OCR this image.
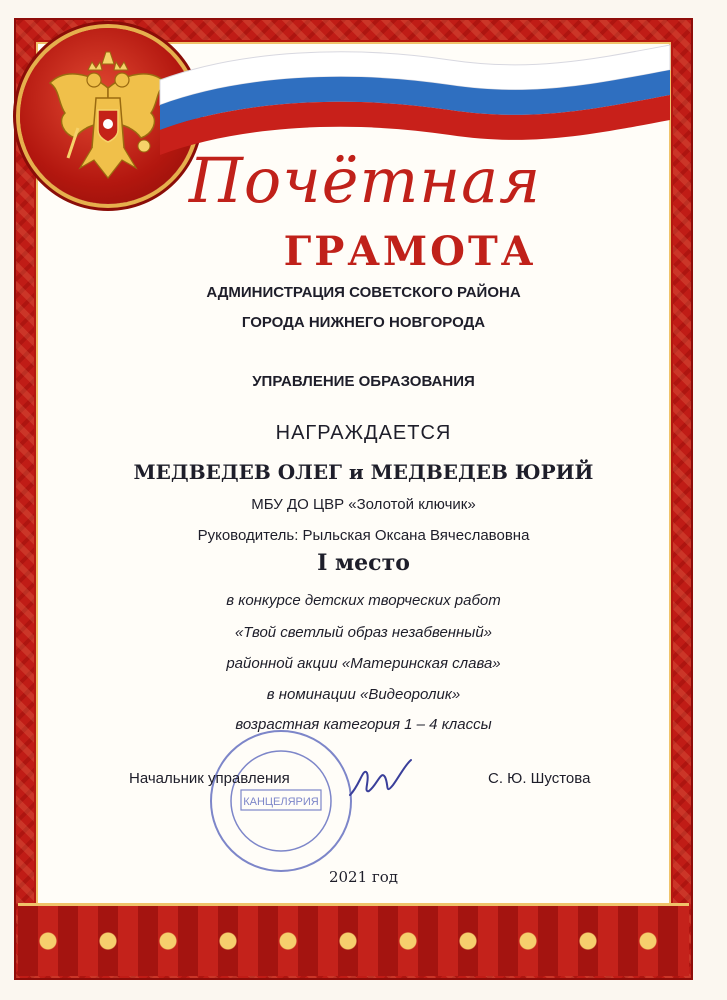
Почётная
ГРАМОТА
АДМИНИСТРАЦИЯ СОВЕТСКОГО РАЙОНА
ГОРОДА НИЖНЕГО НОВГОРОДА
УПРАВЛЕНИЕ ОБРАЗОВАНИЯ
НАГРАЖДАЕТСЯ
МЕДВЕДЕВ ОЛЕГ и МЕДВЕДЕВ ЮРИЙ
МБУ ДО ЦВР «Золотой ключик»
Руководитель: Рыльская Оксана Вячеславовна
I место
в конкурсе детских творческих работ
«Твой светлый образ незабвенный»
районной акции «Материнская слава»
в номинации «Видеоролик»
возрастная категория 1 – 4 классы
КАНЦЕЛЯРИЯ
Начальник управления	С. Ю. Шустова
2021 год
